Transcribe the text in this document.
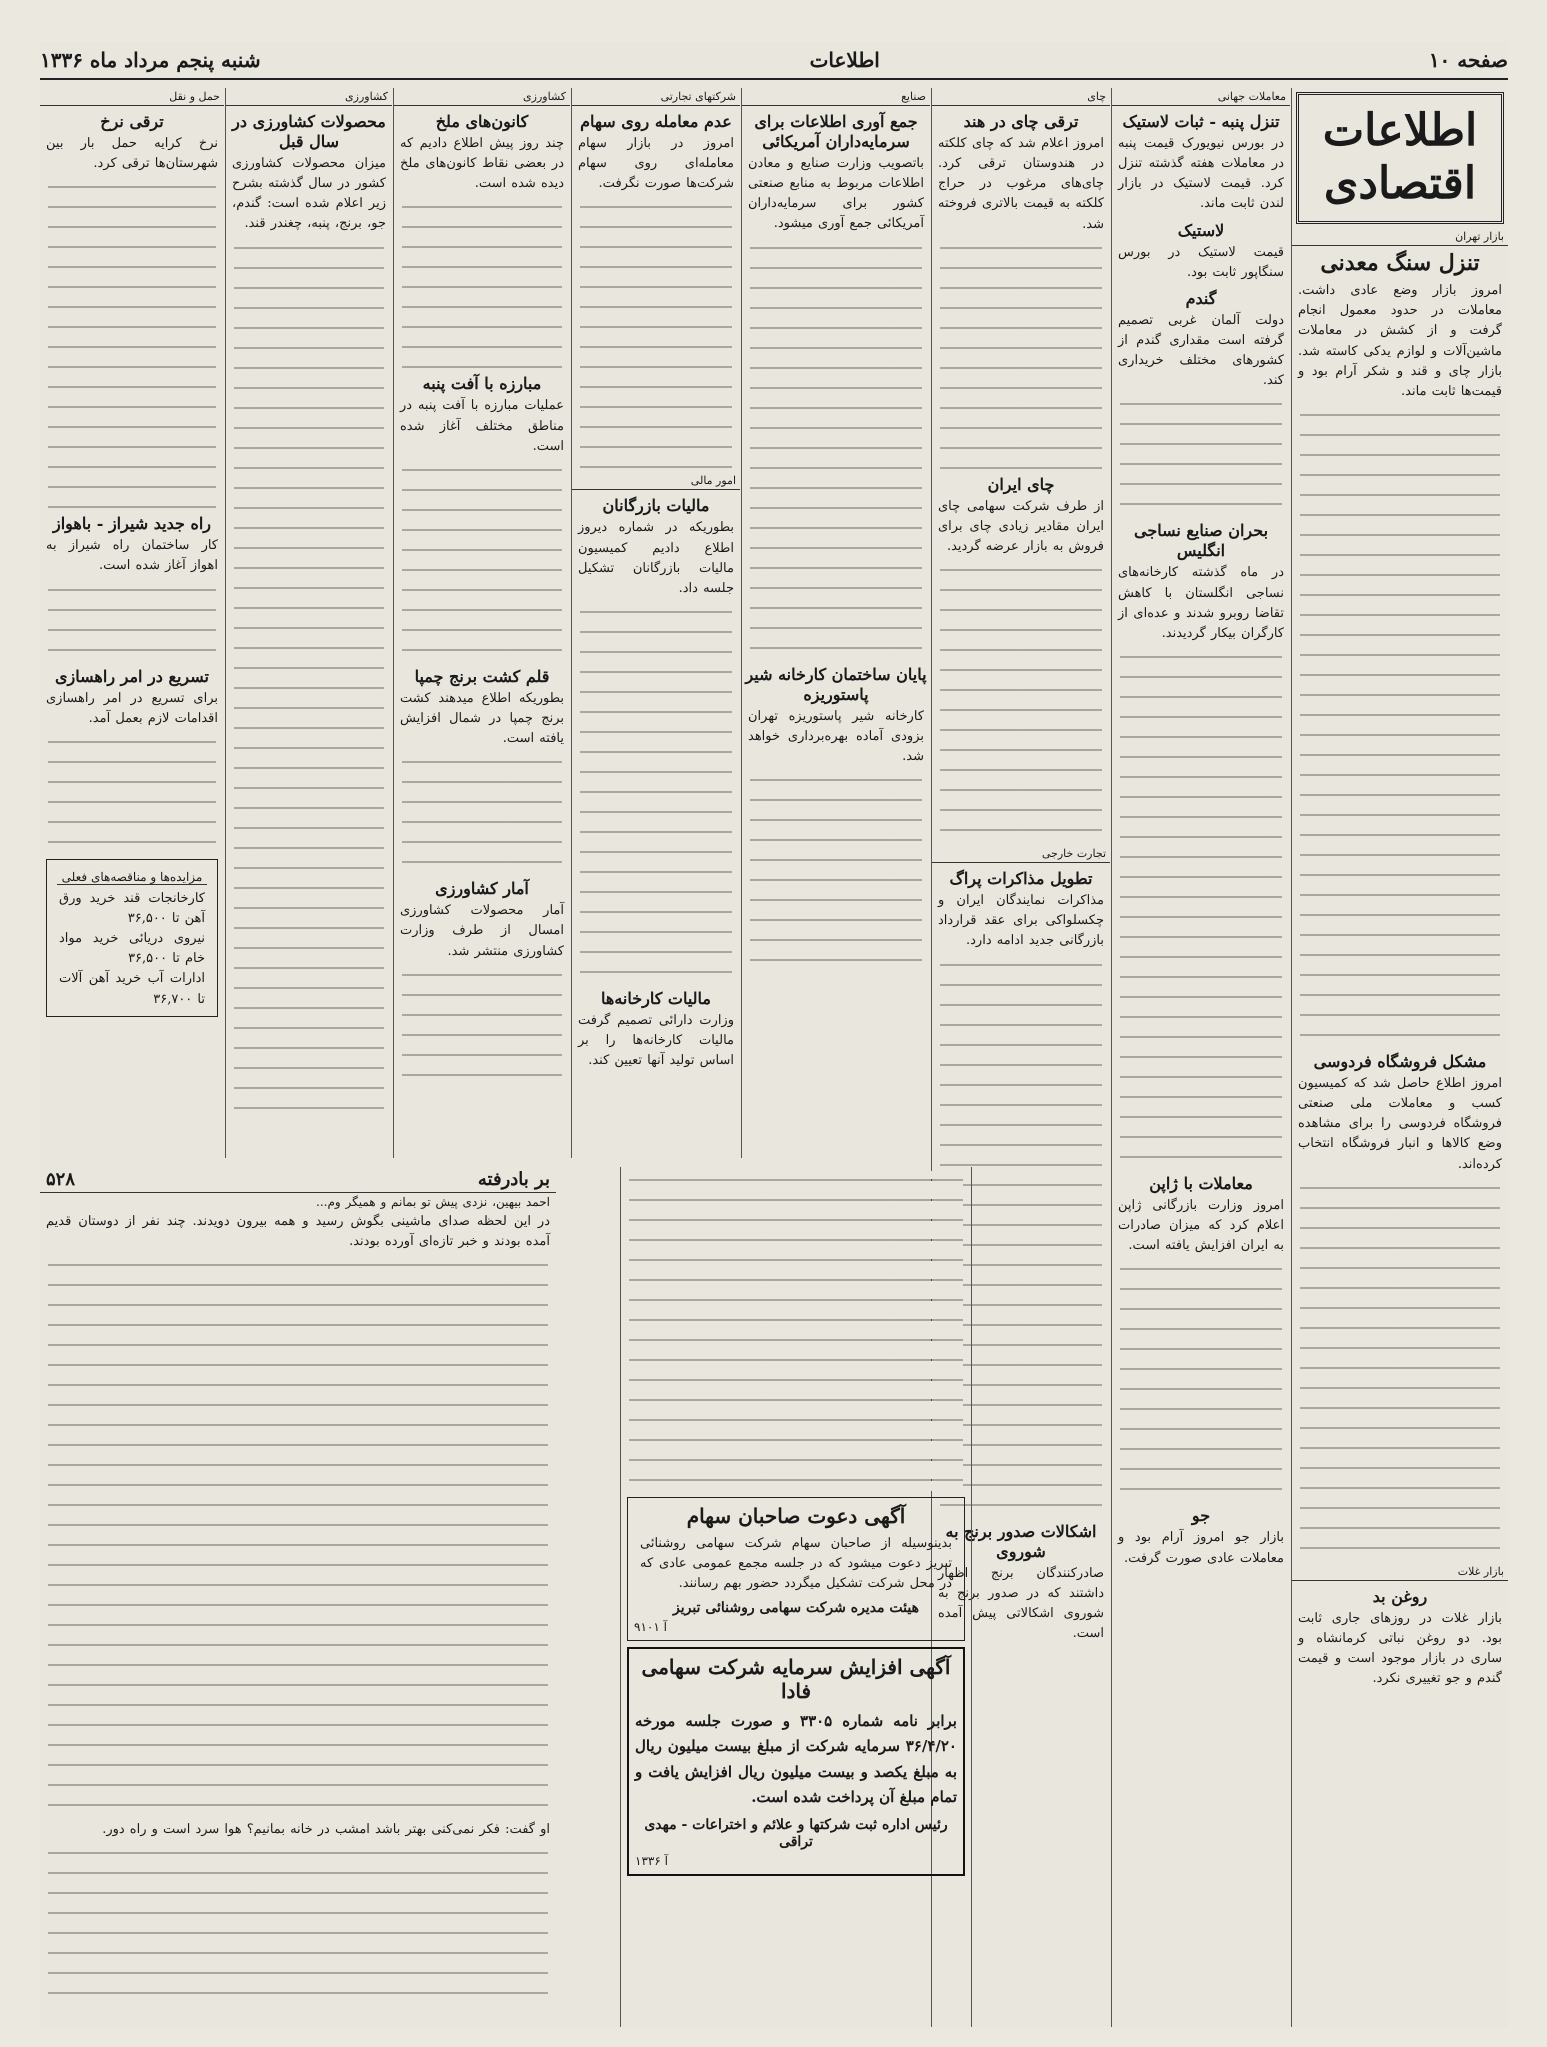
صفحه ۱۰
اطلاعات
شنبه پنجم مرداد ماه ۱۳۳۶
اطلاعات اقتصادی
بازار تهران
تنزل سنگ معدنی
امروز بازار وضع عادی داشت. معاملات در حدود معمول انجام گرفت و از کشش در معاملات ماشین‌آلات و لوازم یدکی کاسته شد. بازار چای و قند و شکر آرام بود و قیمت‌ها ثابت ماند.
مشکل فروشگاه فردوسی
امروز اطلاع حاصل شد که کمیسیون کسب و معاملات ملی صنعتی فروشگاه فردوسی را برای مشاهده وضع کالاها و انبار فروشگاه انتخاب کرده‌اند.
بازار غلات
روغن بد
بازار غلات در روزهای جاری ثابت بود. دو روغن نباتی کرمانشاه و ساری در بازار موجود است و قیمت گندم و جو تغییری نکرد.
معاملات جهانی
تنزل پنبه - ثبات لاستیک
در بورس نیویورک قیمت پنبه در معاملات هفته گذشته تنزل کرد. قیمت لاستیک در بازار لندن ثابت ماند.
لاستیک
قیمت لاستیک در بورس سنگاپور ثابت بود.
گندم
دولت آلمان غربی تصمیم گرفته است مقداری گندم از کشورهای مختلف خریداری کند.
بحران صنایع نساجی انگلیس
در ماه گذشته کارخانه‌های نساجی انگلستان با کاهش تقاضا روبرو شدند و عده‌ای از کارگران بیکار گردیدند.
معاملات با ژاپن
امروز وزارت بازرگانی ژاپن اعلام کرد که میزان صادرات به ایران افزایش یافته است.
جو
بازار جو امروز آرام بود و معاملات عادی صورت گرفت.
چای
ترقی چای در هند
امروز اعلام شد که چای کلکته در هندوستان ترقی کرد. چای‌های مرغوب در حراج کلکته به قیمت بالاتری فروخته شد.
چای ایران
از طرف شرکت سهامی چای ایران مقادیر زیادی چای برای فروش به بازار عرضه گردید.
تجارت خارجی
تطویل مذاکرات پراگ
مذاکرات نمایندگان ایران و چکسلواکی برای عقد قرارداد بازرگانی جدید ادامه دارد.
اشکالات صدور برنج به شوروی
صادرکنندگان برنج اظهار داشتند که در صدور برنج به شوروی اشکالاتی پیش آمده است.
صنایع
جمع آوری اطلاعات برای سرمایه‌داران آمریکائی
باتصویب وزارت صنایع و معادن اطلاعات مربوط به منابع صنعتی کشور برای سرمایه‌داران آمریکائی جمع آوری میشود.
پایان ساختمان کارخانه شیر پاستوریزه
کارخانه شیر پاستوریزه تهران بزودی آماده بهره‌برداری خواهد شد.
شرکتهای تجارتی
عدم معامله روی سهام
امروز در بازار سهام معامله‌ای روی سهام شرکت‌ها صورت نگرفت.
امور مالی
مالیات بازرگانان
بطوریکه در شماره دیروز اطلاع دادیم کمیسیون مالیات بازرگانان تشکیل جلسه داد.
مالیات کارخانه‌ها
وزارت دارائی تصمیم گرفت مالیات کارخانه‌ها را بر اساس تولید آنها تعیین کند.
کشاورزی
کانون‌های ملخ
چند روز پیش اطلاع دادیم که در بعضی نقاط کانون‌های ملخ دیده شده است.
مبارزه با آفت پنبه
عملیات مبارزه با آفت پنبه در مناطق مختلف آغاز شده است.
قلم کشت برنج چمپا
بطوریکه اطلاع میدهند کشت برنج چمپا در شمال افزایش یافته است.
آمار کشاورزی
آمار محصولات کشاورزی امسال از طرف وزارت کشاورزی منتشر شد.
کشاورزی
محصولات کشاورزی در سال قبل
میزان محصولات کشاورزی کشور در سال گذشته بشرح زیر اعلام شده است: گندم، جو، برنج، پنبه، چغندر قند.
حمل و نقل
ترقی نرخ
نرخ کرایه حمل بار بین شهرستان‌ها ترقی کرد.
راه جدید شیراز - باهواز
کار ساختمان راه شیراز به اهواز آغاز شده است.
تسریع در امر راهسازی
برای تسریع در امر راهسازی اقدامات لازم بعمل آمد.
مزایده‌ها و مناقصه‌های فعلی
کارخانجات قند خرید ورق آهن تا ۳۶,۵۰۰
نیروی دریائی خرید مواد خام تا ۳۶,۵۰۰
ادارات آب خرید آهن آلات تا ۳۶,۷۰۰
بر بادرفته
۵۲۸
احمد بیهین، نزدی پیش تو بمانم و همیگر وم...
در این لحظه صدای ماشینی بگوش رسید و همه بیرون دویدند. چند نفر از دوستان قدیم آمده بودند و خبر تازه‌ای آورده بودند.
او گفت: فکر نمی‌کنی بهتر باشد امشب در خانه بمانیم؟ هوا سرد است و راه دور.
آگهی دعوت صاحبان سهام
بدینوسیله از صاحبان سهام شرکت سهامی روشنائی تبریز دعوت میشود که در جلسه مجمع عمومی عادی که در محل شرکت تشکیل میگردد حضور بهم رسانند.
هیئت مدیره شرکت سهامی روشنائی تبریز
آ ۹۱۰۱
آگهی افزایش سرمایه شرکت سهامی فادا
برابر نامه شماره ۳۳۰۵ و صورت جلسه مورخه ۳۶/۴/۲۰ سرمایه شرکت از مبلغ بیست میلیون ریال به مبلغ یکصد و بیست میلیون ریال افزایش یافت و تمام مبلغ آن پرداخت شده است.
رئیس اداره ثبت شرکتها و علائم و اختراعات - مهدی تراقی
آ ۱۳۳۶
